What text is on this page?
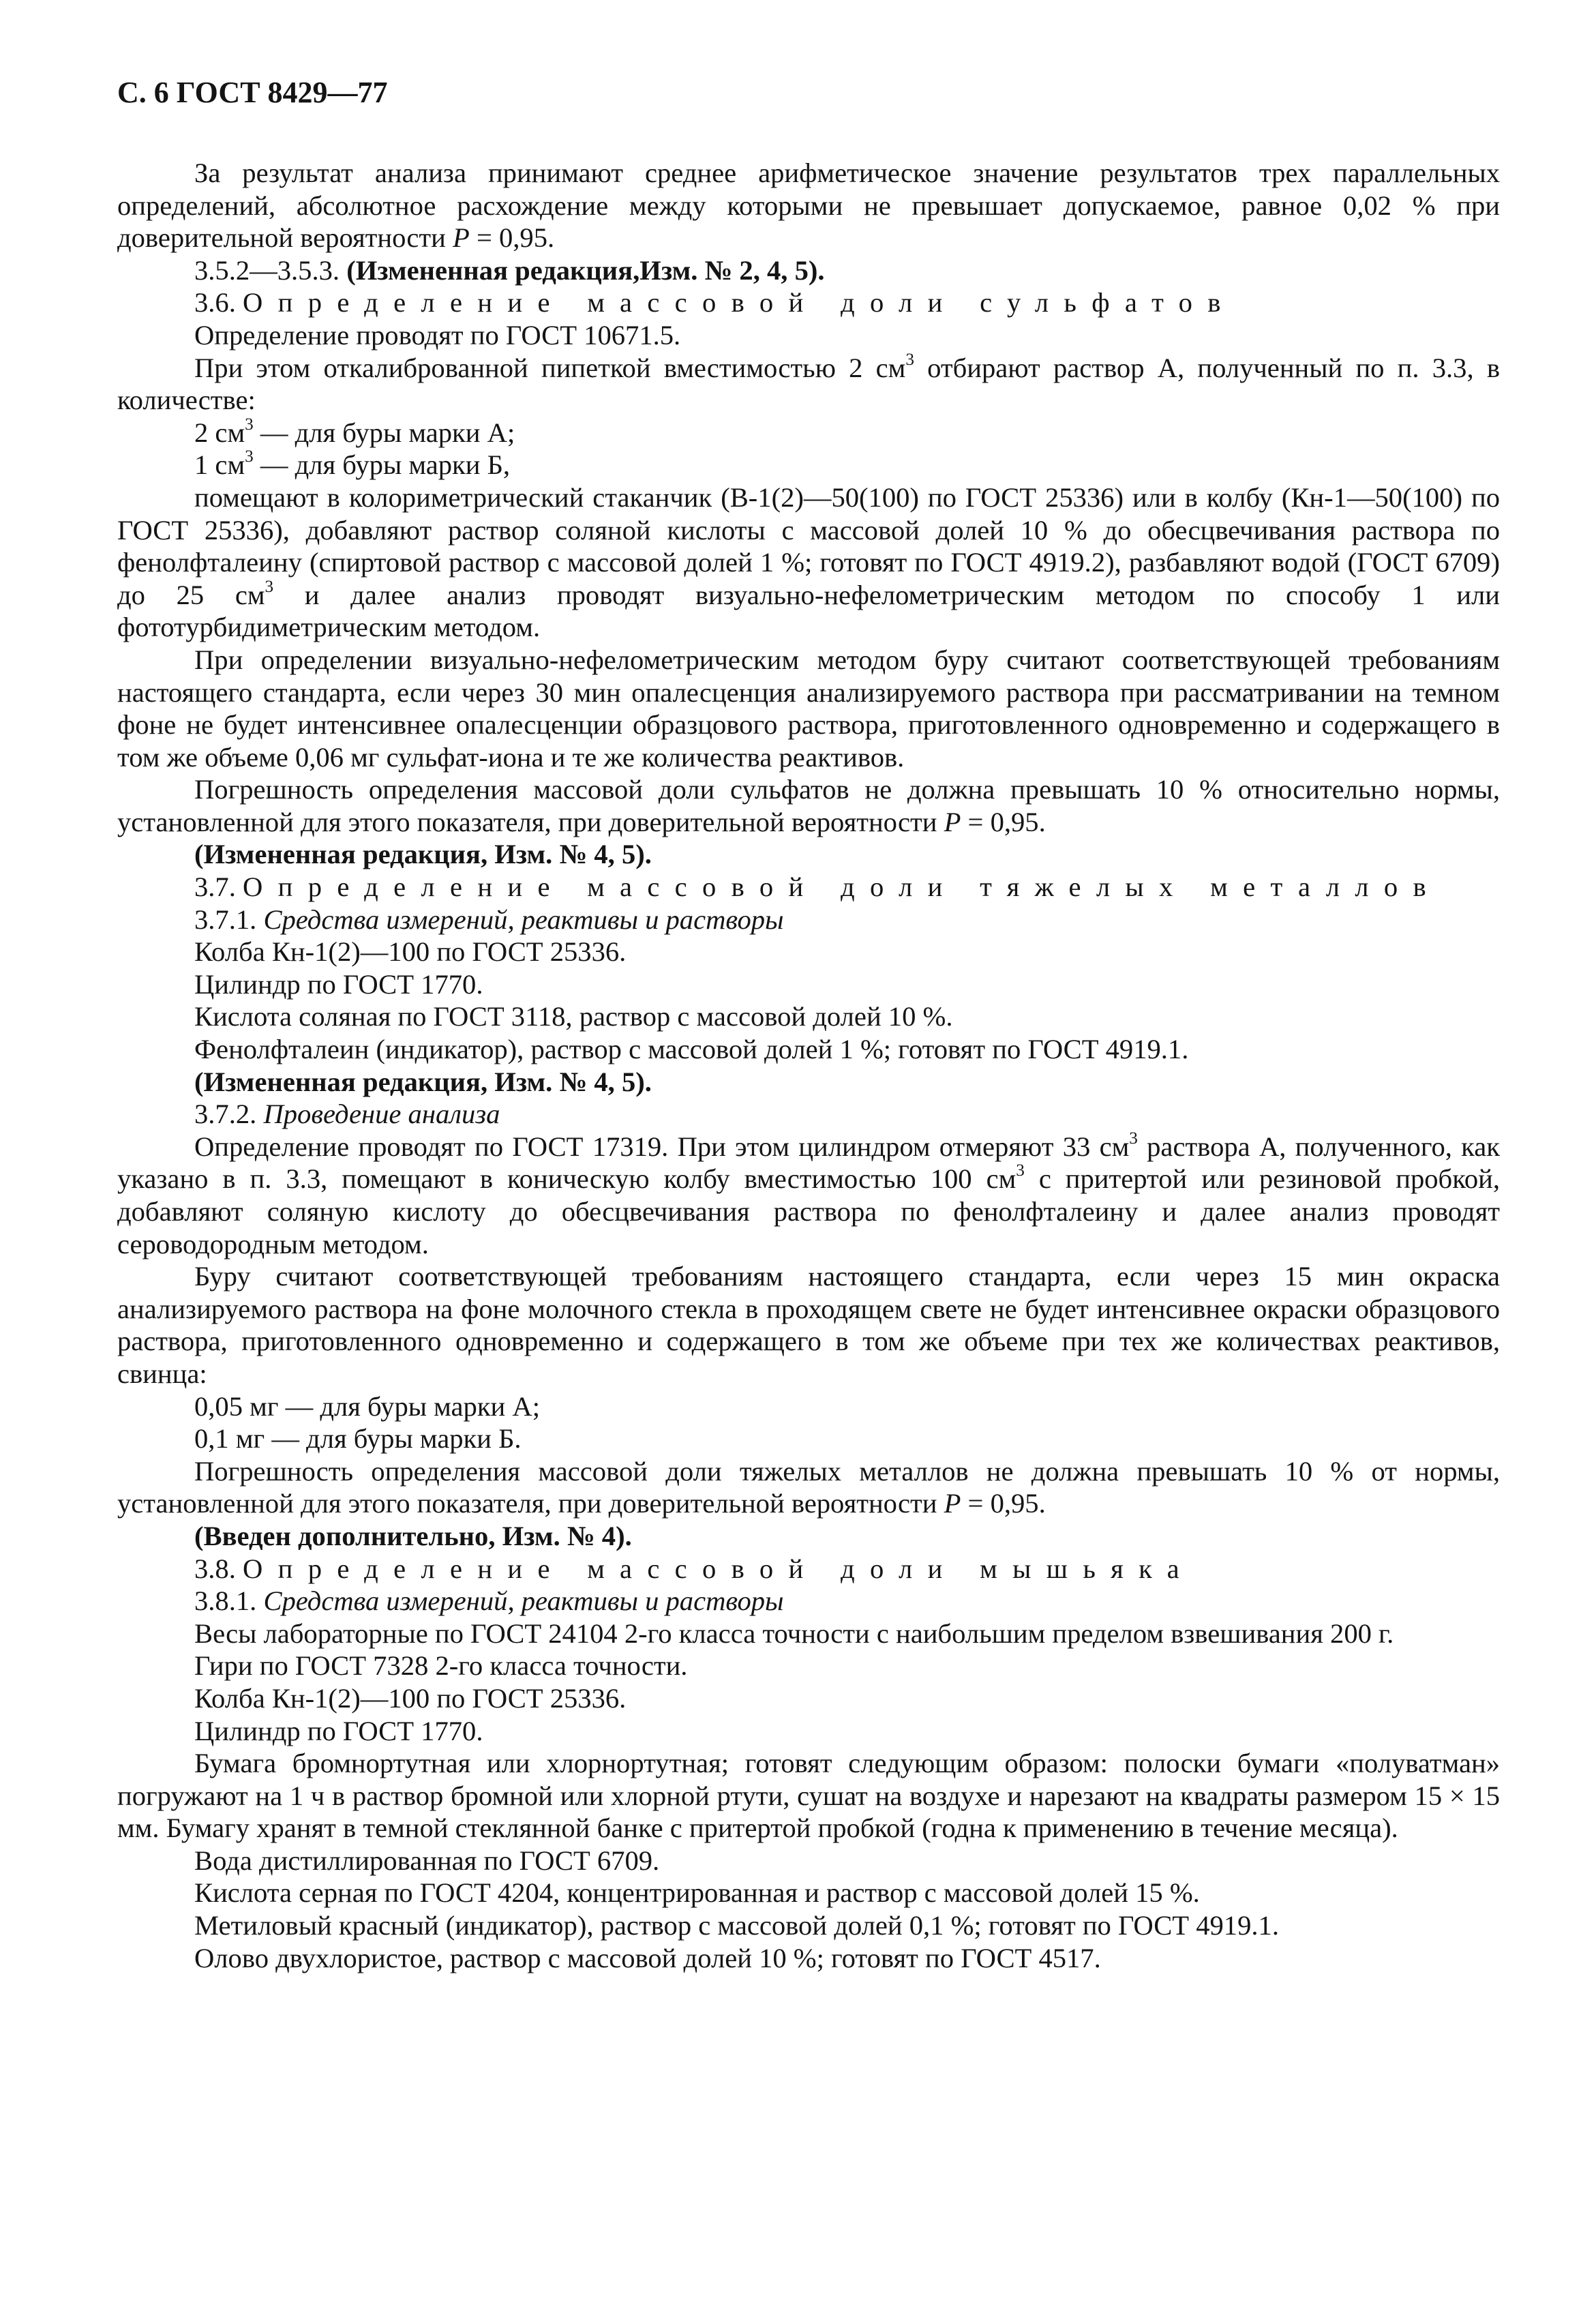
С. 6 ГОСТ 8429—77

За результат анализа принимают среднее арифметическое значение результатов трех параллельных определений, абсолютное расхождение между которыми не превышает допускаемое, равное 0,02 % при доверительной вероятности P = 0,95.

3.5.2—3.5.3. (Измененная редакция,Изм. № 2, 4, 5).

3.6. Определение массовой доли сульфатов

Определение проводят по ГОСТ 10671.5.

При этом откалиброванной пипеткой вместимостью 2 $см^3$ отбирают раствор А, полученный по п. 3.3, в количестве:

2 $см^3$ — для буры марки А;

1 $см^3$ — для буры марки Б,

помещают в колориметрический стаканчик (В-1(2)—50(100) по ГОСТ 25336) или в колбу (Кн-1—50(100) по ГОСТ 25336), добавляют раствор соляной кислоты с массовой долей 10 % до обесцвечивания раствора по фенолфталеину (спиртовой раствор с массовой долей 1 %; готовят по ГОСТ 4919.2), разбавляют водой (ГОСТ 6709) до 25 $см^3$ и далее анализ проводят визуально-нефелометрическим методом по способу 1 или фототурбидиметрическим методом.

При определении визуально-нефелометрическим методом буру считают соответствующей требованиям настоящего стандарта, если через 30 мин опалесценция анализируемого раствора при рассматривании на темном фоне не будет интенсивнее опалесценции образцового раствора, приготовленного одновременно и содержащего в том же объеме 0,06 мг сульфат-иона и те же количества реактивов.

Погрешность определения массовой доли сульфатов не должна превышать 10 % относительно нормы, установленной для этого показателя, при доверительной вероятности P = 0,95.

(Измененная редакция, Изм. № 4, 5).

3.7. Определение массовой доли тяжелых металлов

3.7.1. Средства измерений, реактивы и растворы

Колба Кн-1(2)—100 по ГОСТ 25336.

Цилиндр по ГОСТ 1770.

Кислота соляная по ГОСТ 3118, раствор с массовой долей 10 %.

Фенолфталеин (индикатор), раствор с массовой долей 1 %; готовят по ГОСТ 4919.1.

(Измененная редакция, Изм. № 4, 5).

3.7.2. Проведение анализа

Определение проводят по ГОСТ 17319. При этом цилиндром отмеряют 33 $см^3$ раствора А, полученного, как указано в п. 3.3, помещают в коническую колбу вместимостью 100 $см^3$ с притертой или резиновой пробкой, добавляют соляную кислоту до обесцвечивания раствора по фенолфталеину и далее анализ проводят сероводородным методом.

Буру считают соответствующей требованиям настоящего стандарта, если через 15 мин окраска анализируемого раствора на фоне молочного стекла в проходящем свете не будет интенсивнее окраски образцового раствора, приготовленного одновременно и содержащего в том же объеме при тех же количествах реактивов, свинца:

0,05 мг — для буры марки А;

0,1 мг — для буры марки Б.

Погрешность определения массовой доли тяжелых металлов не должна превышать 10 % от нормы, установленной для этого показателя, при доверительной вероятности P = 0,95.

(Введен дополнительно, Изм. № 4).

3.8. Определение массовой доли мышьяка

3.8.1. Средства измерений, реактивы и растворы

Весы лабораторные по ГОСТ 24104 2-го класса точности с наибольшим пределом взвешивания 200 г.

Гири по ГОСТ 7328 2-го класса точности.

Колба Кн-1(2)—100 по ГОСТ 25336.

Цилиндр по ГОСТ 1770.

Бумага бромнортутная или хлорнортутная; готовят следующим образом: полоски бумаги «полуватман» погружают на 1 ч в раствор бромной или хлорной ртути, сушат на воздухе и нарезают на квадраты размером 15 × 15 мм. Бумагу хранят в темной стеклянной банке с притертой пробкой (годна к применению в течение месяца).

Вода дистиллированная по ГОСТ 6709.

Кислота серная по ГОСТ 4204, концентрированная и раствор с массовой долей 15 %.

Метиловый красный (индикатор), раствор с массовой долей 0,1 %; готовят по ГОСТ 4919.1.

Олово двухлористое, раствор с массовой долей 10 %; готовят по ГОСТ 4517.
